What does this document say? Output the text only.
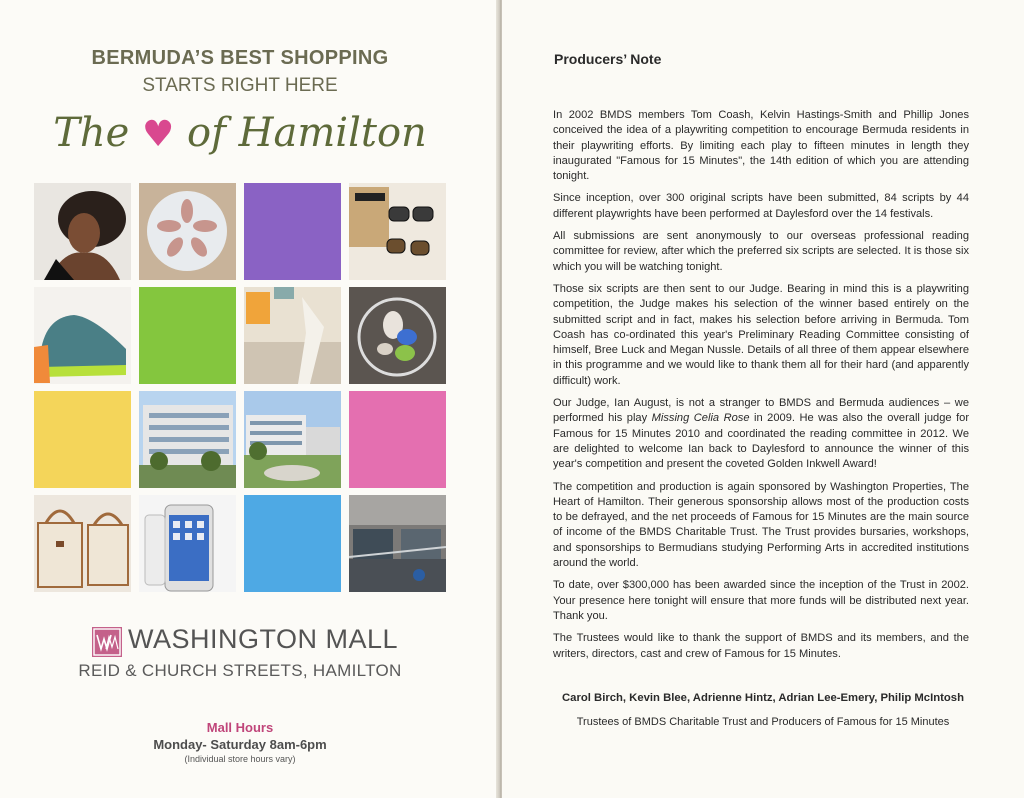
BERMUDA’S BEST SHOPPING
STARTS RIGHT HERE
The ♥ of Hamilton
WASHINGTON MALL
REID & CHURCH STREETS, HAMILTON
Mall Hours
Monday- Saturday 8am-6pm
(Individual store hours vary)
Producers’ Note

In 2002 BMDS members Tom Coash, Kelvin Hastings-Smith and Phillip Jones conceived the idea of a playwriting competition to encourage Bermuda residents in their playwriting efforts. By limiting each play to fifteen minutes in length they inaugurated "Famous for 15 Minutes", the 14th edition of which you are attending tonight.

Since inception, over 300 original scripts have been submitted, 84 scripts by 44 different playwrights have been performed at Daylesford over the 14 festivals.

All submissions are sent anonymously to our overseas professional reading committee for review, after which the preferred six scripts are selected. It is those six which you will be watching tonight.

Those six scripts are then sent to our Judge. Bearing in mind this is a playwriting competition, the Judge makes his selection of the winner based entirely on the submitted script and in fact, makes his selection before arriving in Bermuda. Tom Coash has co-ordinated this year's Preliminary Reading Committee consisting of himself, Bree Luck and Megan Nussle. Details of all three of them appear elsewhere in this programme and we would like to thank them all for their hard (and apparently difficult) work.

Our Judge, Ian August, is not a stranger to BMDS and Bermuda audiences – we performed his play Missing Celia Rose in 2009. He was also the overall judge for Famous for 15 Minutes 2010 and coordinated the reading committee in 2012. We are delighted to welcome Ian back to Daylesford to announce the winner of this year's competition and present the coveted Golden Inkwell Award!

The competition and production is again sponsored by Washington Properties, The Heart of Hamilton. Their generous sponsorship allows most of the production costs to be defrayed, and the net proceeds of Famous for 15 Minutes are the main source of income of the BMDS Charitable Trust. The Trust provides bursaries, workshops, and sponsorships to Bermudians studying Performing Arts in accredited institutions around the world.

To date, over $300,000 has been awarded since the inception of the Trust in 2002. Your presence here tonight will ensure that more funds will be distributed next year. Thank you.

The Trustees would like to thank the support of BMDS and its members, and the writers, directors, cast and crew of Famous for 15 Minutes.

Carol Birch, Kevin Blee, Adrienne Hintz, Adrian Lee-Emery, Philip McIntosh
Trustees of BMDS Charitable Trust and Producers of Famous for 15 Minutes
